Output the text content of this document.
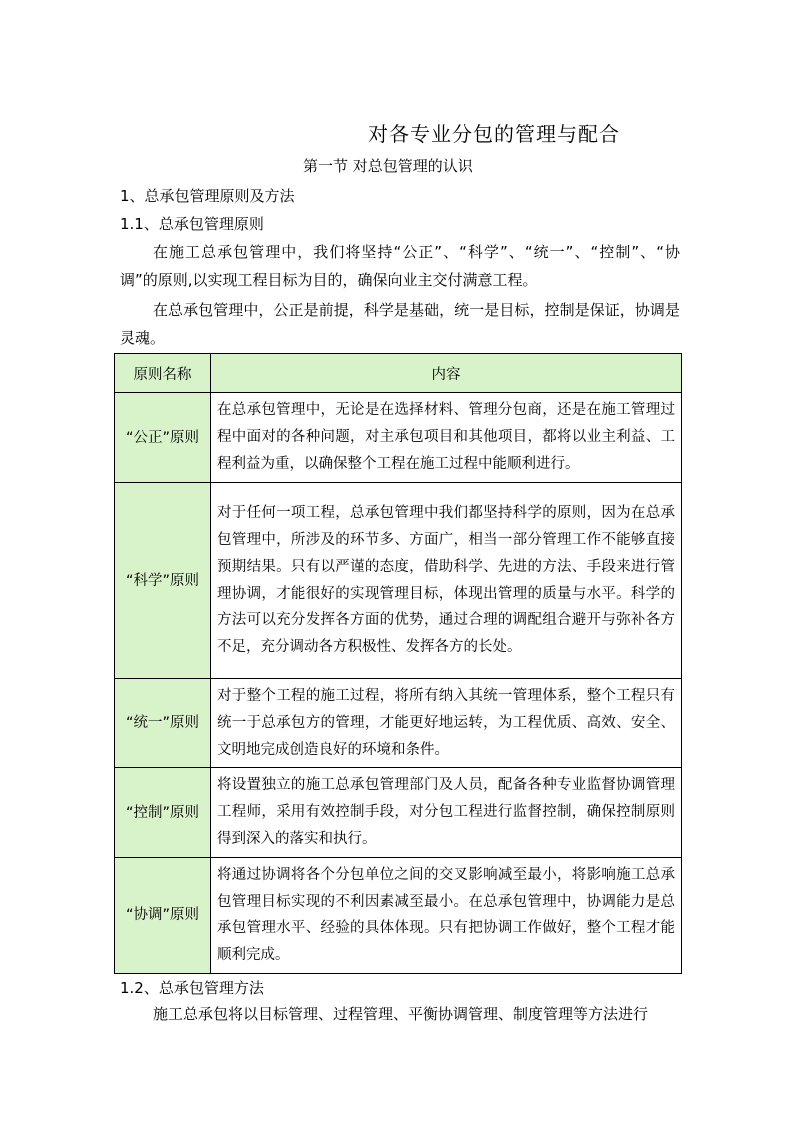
对各专业分包的管理与配合
第一节 对总包管理的认识
1、总承包管理原则及方法
1.1、总承包管理原则
在施工总承包管理中，我们将坚持“公正”、“科学”、“统一”、“控制”、“协调”的原则,以实现工程目标为目的，确保向业主交付满意工程。
在总承包管理中，公正是前提，科学是基础，统一是目标，控制是保证，协调是灵魂。
原则名称	内容
“公正”原则	在总承包管理中，无论是在选择材料、管理分包商，还是在施工管理过程中面对的各种问题，对主承包项目和其他项目，都将以业主利益、工程利益为重，以确保整个工程在施工过程中能顺利进行。
“科学”原则	对于任何一项工程，总承包管理中我们都坚持科学的原则，因为在总承包管理中，所涉及的环节多、方面广，相当一部分管理工作不能够直接预期结果。只有以严谨的态度，借助科学、先进的方法、手段来进行管理协调，才能很好的实现管理目标，体现出管理的质量与水平。科学的方法可以充分发挥各方面的优势，通过合理的调配组合避开与弥补各方不足，充分调动各方积极性、发挥各方的长处。
“统一”原则	对于整个工程的施工过程，将所有纳入其统一管理体系，整个工程只有统一于总承包方的管理，才能更好地运转，为工程优质、高效、安全、文明地完成创造良好的环境和条件。
“控制”原则	将设置独立的施工总承包管理部门及人员，配备各种专业监督协调管理工程师，采用有效控制手段，对分包工程进行监督控制，确保控制原则得到深入的落实和执行。
“协调”原则	将通过协调将各个分包单位之间的交叉影响减至最小，将影响施工总承包管理目标实现的不利因素减至最小。在总承包管理中，协调能力是总承包管理水平、经验的具体体现。只有把协调工作做好，整个工程才能顺利完成。
1.2、总承包管理方法
施工总承包将以目标管理、过程管理、平衡协调管理、制度管理等方法进行
